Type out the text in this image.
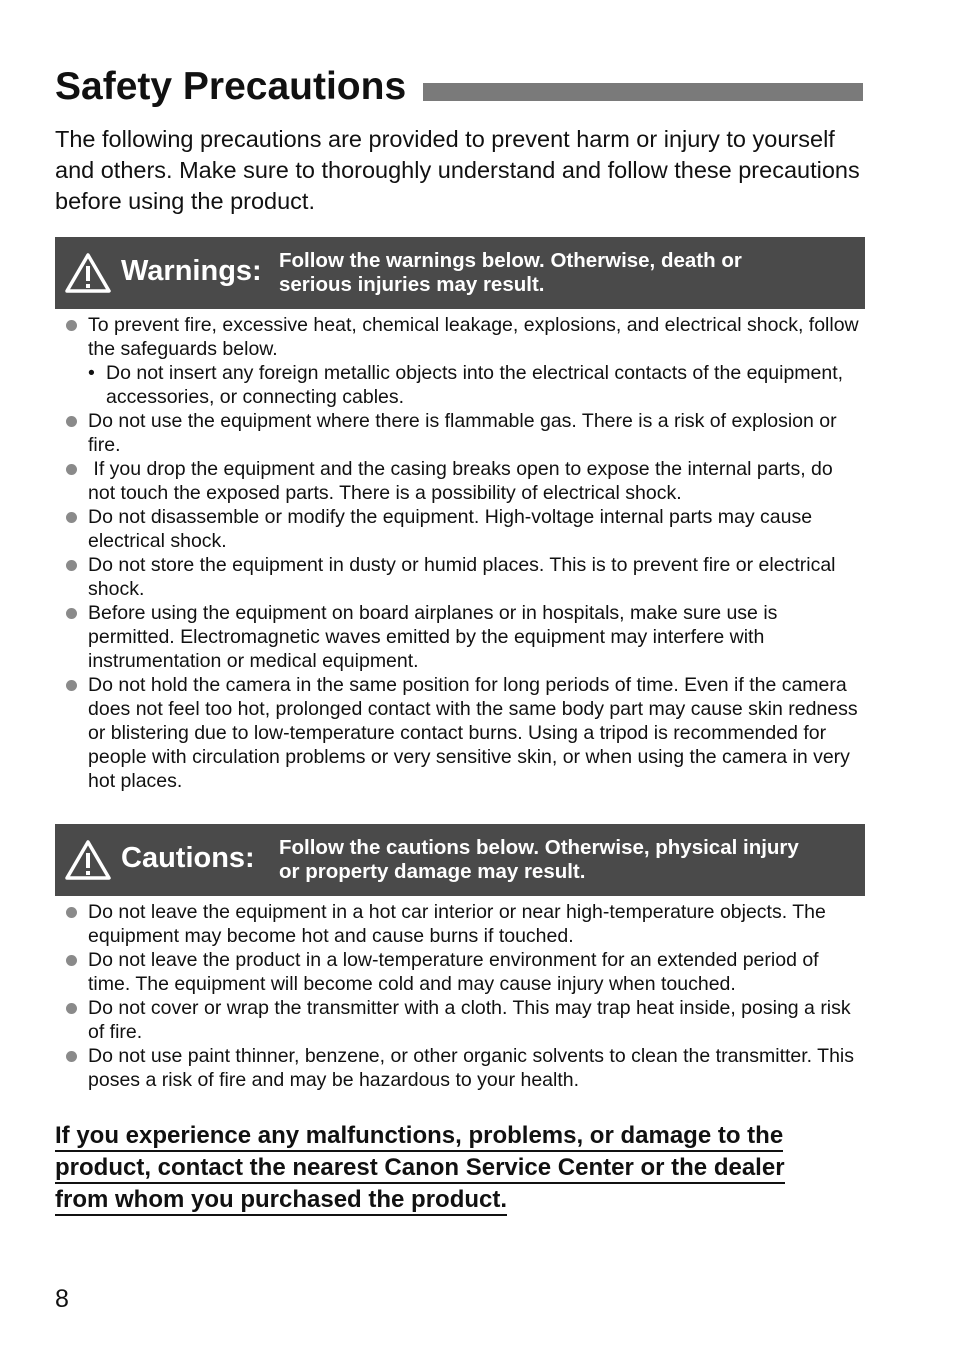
Safety Precautions

The following precautions are provided to prevent harm or injury to yourself and others. Make sure to thoroughly understand and follow these precautions before using the product.

Warnings: Follow the warnings below. Otherwise, death or
serious injuries may result.
To prevent fire, excessive heat, chemical leakage, explosions, and electrical shock, follow the safeguards below.
• Do not insert any foreign metallic objects into the electrical contacts of the equipment, accessories, or connecting cables.
Do not use the equipment where there is flammable gas. There is a risk of explosion or fire.
If you drop the equipment and the casing breaks open to expose the internal parts, do not touch the exposed parts. There is a possibility of electrical shock.
Do not disassemble or modify the equipment. High-voltage internal parts may cause electrical shock.
Do not store the equipment in dusty or humid places. This is to prevent fire or electrical shock.
Before using the equipment on board airplanes or in hospitals, make sure use is permitted. Electromagnetic waves emitted by the equipment may interfere with instrumentation or medical equipment.
Do not hold the camera in the same position for long periods of time. Even if the camera does not feel too hot, prolonged contact with the same body part may cause skin redness or blistering due to low-temperature contact burns. Using a tripod is recommended for people with circulation problems or very sensitive skin, or when using the camera in very hot places.
Cautions: Follow the cautions below. Otherwise, physical injury
or property damage may result.
Do not leave the equipment in a hot car interior or near high-temperature objects. The equipment may become hot and cause burns if touched.
Do not leave the product in a low-temperature environment for an extended period of time. The equipment will become cold and may cause injury when touched.
Do not cover or wrap the transmitter with a cloth. This may trap heat inside, posing a risk of fire.
Do not use paint thinner, benzene, or other organic solvents to clean the transmitter. This poses a risk of fire and may be hazardous to your health.
If you experience any malfunctions, problems, or damage to the
product, contact the nearest Canon Service Center or the dealer
from whom you purchased the product.
8
